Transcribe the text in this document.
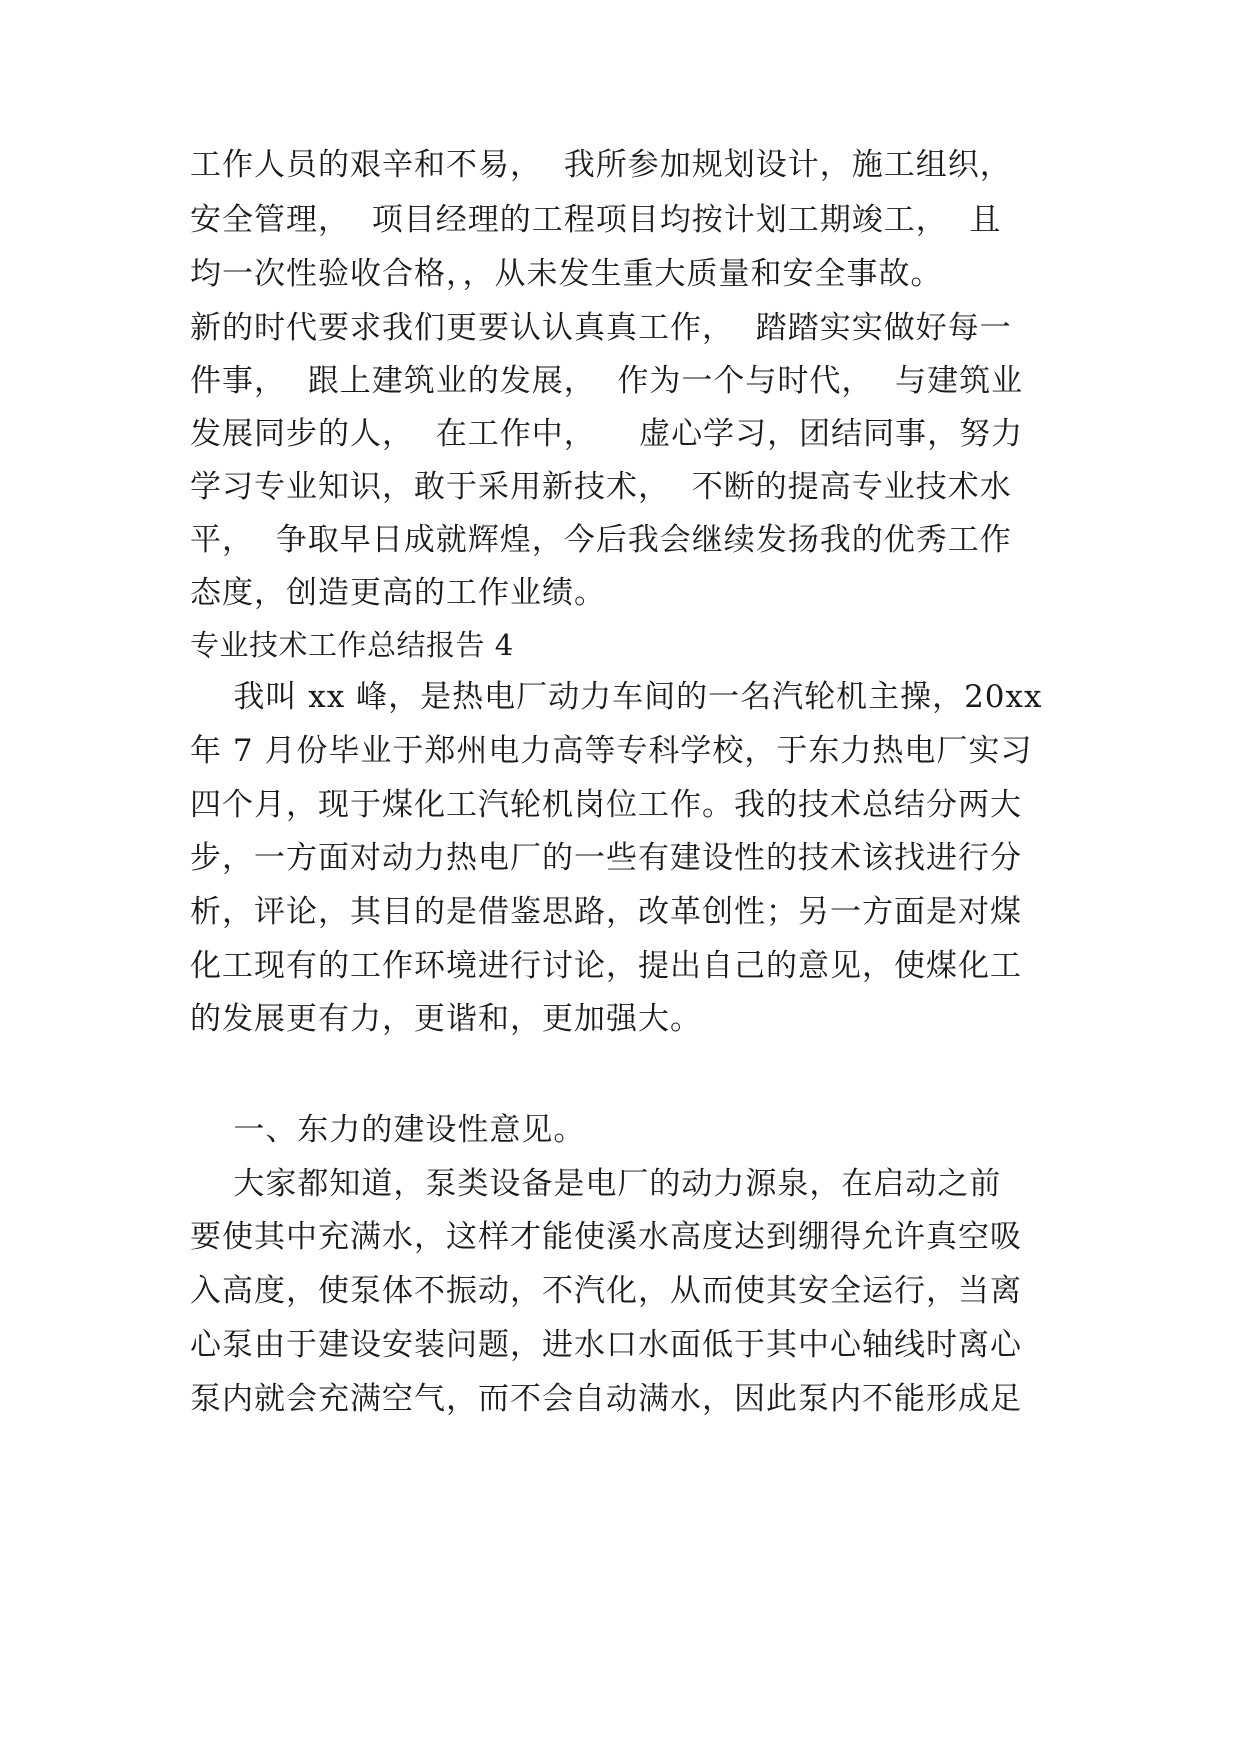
工作人员的艰辛和不易，  我所参加规划设计，施工组织，
安全管理，  项目经理的工程项目均按计划工期竣工，  且
均一次性验收合格，，从未发生重大质量和安全事故。
新的时代要求我们更要认认真真工作，  踏踏实实做好每一
件事，  跟上建筑业的发展，  作为一个与时代，  与建筑业
发展同步的人，  在工作中，    虚心学习，团结同事，努力
学习专业知识，敢于采用新技术，  不断的提高专业技术水
平，  争取早日成就辉煌，今后我会继续发扬我的优秀工作
态度，创造更高的工作业绩。
专业技术工作总结报告 4
我叫 xx 峰，是热电厂动力车间的一名汽轮机主操，20xx
年 7 月份毕业于郑州电力高等专科学校，于东力热电厂实习
四个月，现于煤化工汽轮机岗位工作。我的技术总结分两大
步，一方面对动力热电厂的一些有建设性的技术该找进行分
析，评论，其目的是借鉴思路，改革创性；另一方面是对煤
化工现有的工作环境进行讨论，提出自己的意见，使煤化工
的发展更有力，更谐和，更加强大。
一、东力的建设性意见。
大家都知道，泵类设备是电厂的动力源泉，在启动之前
要使其中充满水，这样才能使溪水高度达到绷得允许真空吸
入高度，使泵体不振动，不汽化，从而使其安全运行，当离
心泵由于建设安装问题，进水口水面低于其中心轴线时离心
泵内就会充满空气，而不会自动满水，因此泵内不能形成足
